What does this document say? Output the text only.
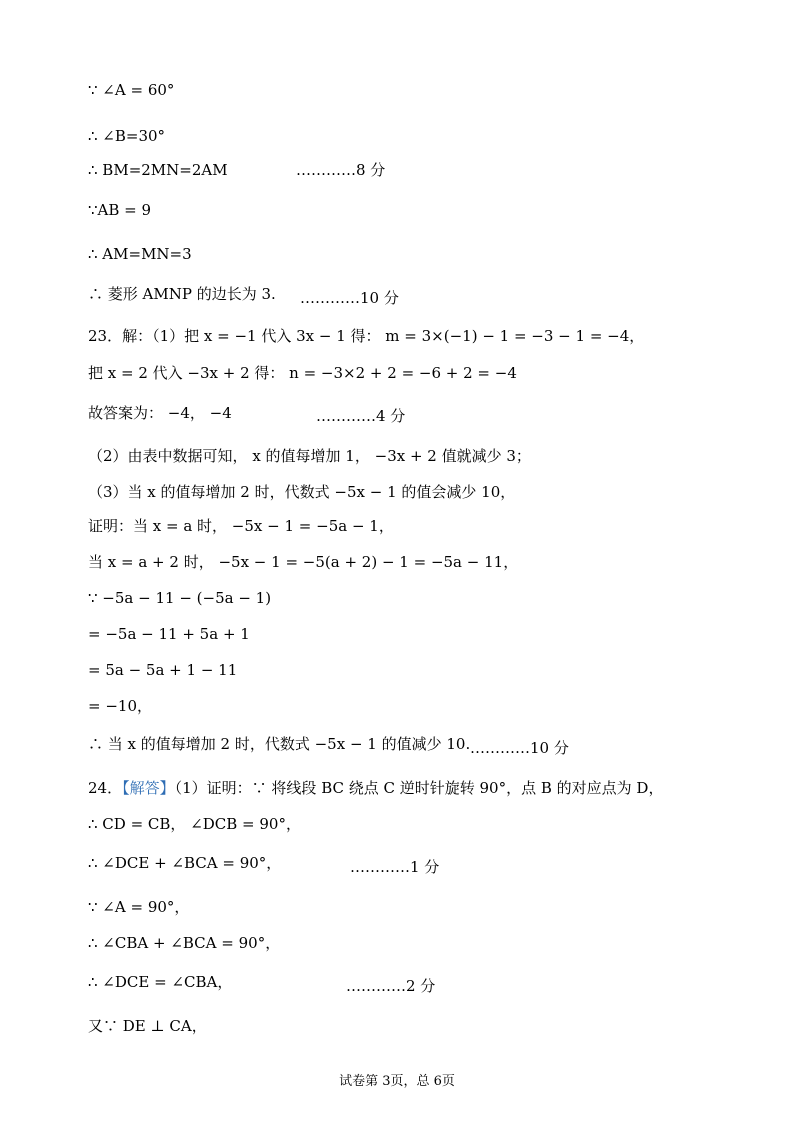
∵ ∠A = 60°
∴ ∠B=30°
∴ BM=2MN=2AM	…………8 分
∵AB = 9
∴ AM=MN=3
∴ 菱形 AMNP 的边长为 3. …………10 分
23．解：（1）把 x = −1 代入 3x − 1 得： m = 3×(−1) − 1 = −3 − 1 = −4，
把 x = 2 代入 −3x + 2 得： n = −3×2 + 2 = −6 + 2 = −4
故答案为： −4， −4	…………4 分
（2）由表中数据可知， x 的值每增加 1， −3x + 2 值就减少 3；
（3）当 x 的值每增加 2 时，代数式 −5x − 1 的值会减少 10，
证明：当 x = a 时， −5x − 1 = −5a − 1，
当 x = a + 2 时， −5x − 1 = −5(a + 2) − 1 = −5a − 11，
∵ −5a − 11 − (−5a − 1)
= −5a − 11 + 5a + 1
= 5a − 5a + 1 − 11
= −10，
∴ 当 x 的值每增加 2 时，代数式 −5x − 1 的值减少 10. …………10 分
24．【解答】（1）证明：∵ 将线段 BC 绕点 C 逆时针旋转 90°，点 B 的对应点为 D，
∴ CD = CB， ∠DCB = 90°，
∴ ∠DCE + ∠BCA = 90°，	…………1 分
∵ ∠A = 90°，
∴ ∠CBA + ∠BCA = 90°，
∴ ∠DCE = ∠CBA，	…………2 分
又∵ DE ⊥ CA，
试卷第 3页，总 6页
